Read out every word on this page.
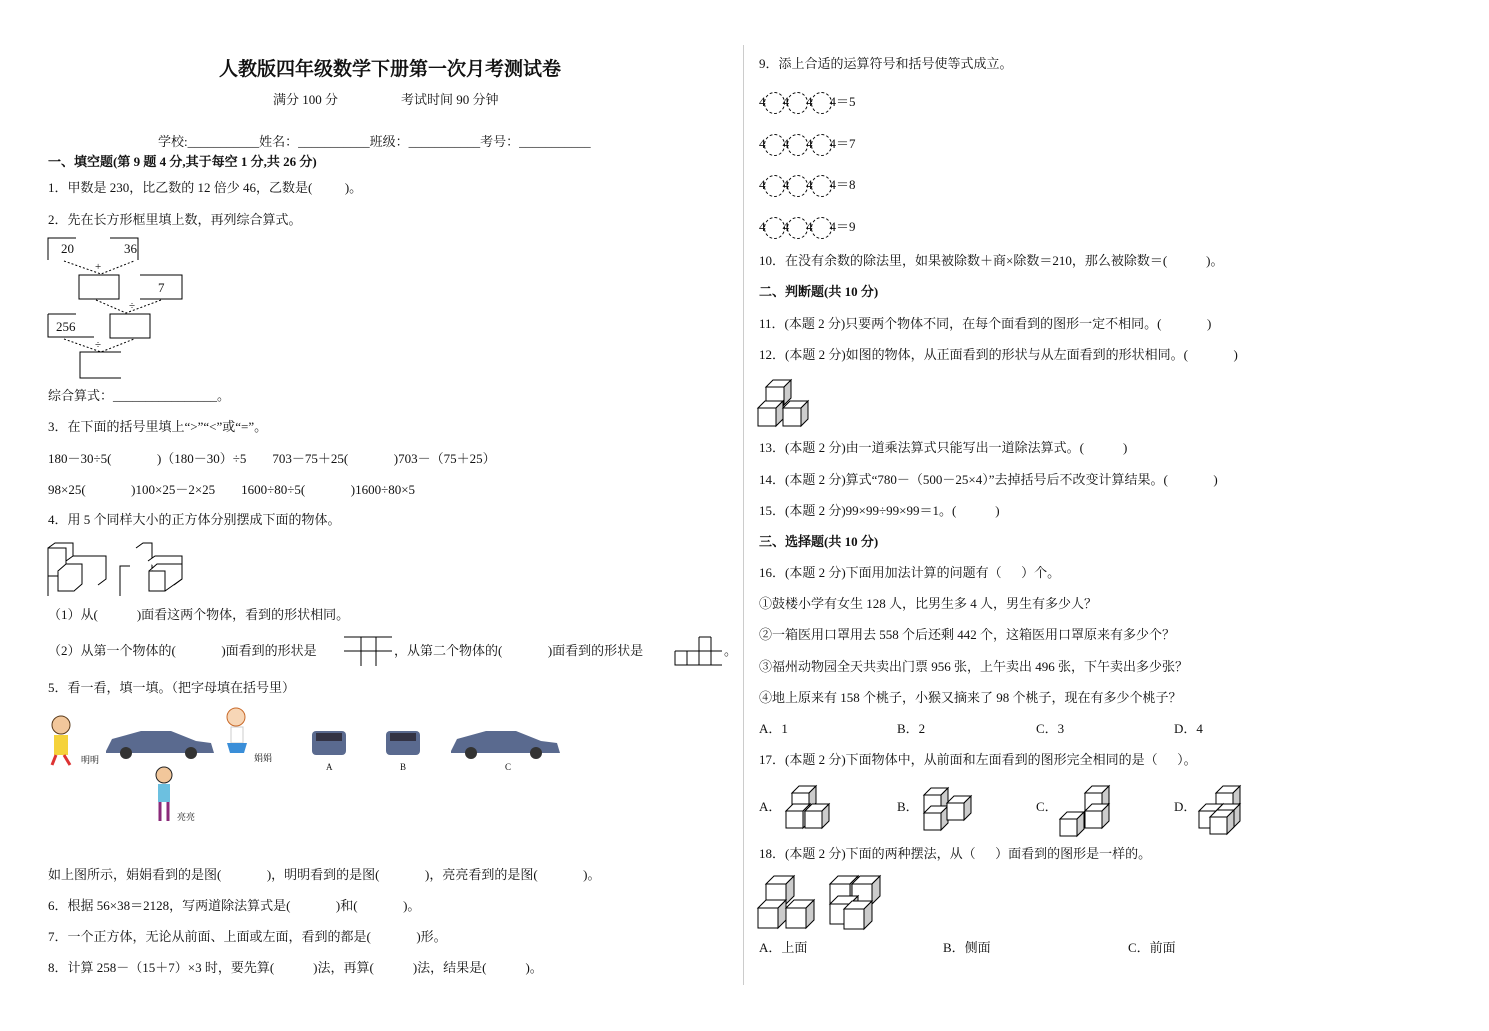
人教版四年级数学下册第一次月考测试卷
满分 100 分	考试时间 90 分钟
学校:___________姓名：___________班级：___________考号：___________
一、填空题(第 9 题 4 分,其于每空 1 分,共 26 分)
1．甲数是 230，比乙数的 12 倍少 46，乙数是(          )。
2．先在长方形框里填上数，再列综合算式。
20	36
7
256
+
÷
÷
综合算式：________________。
3．在下面的括号里填上“>”“<”或“=”。
180－30÷5(              )（180－30）÷5        703－75＋25(              )703－（75＋25）
98×25(              )100×25－2×25        1600÷80÷5(              )1600÷80×5
4．用 5 个同样大小的正方体分别摆成下面的物体。
（1）从(            )面看这两个物体，看到的形状相同。
（2）从第一个物体的(              )面看到的形状是	，从第二个物体的(              )面看到的形状是	。
5．看一看，填一填。（把字母填在括号里）
明明	娟娟
亮亮
A	B	C
如上图所示，娟娟看到的是图(              )，明明看到的是图(              )，亮亮看到的是图(              )。
6．根据 56×38＝2128，写两道除法算式是(              )和(              )。
7．一个正方体，无论从前面、上面或左面，看到的都是(              )形。
8．计算 258－（15＋7）×3 时，要先算(            )法，再算(            )法，结果是(            )。
9．添上合适的运算符号和括号使等式成立。
4 4 4 4＝5
4 4 4 4＝7
4 4 4 4＝8
4 4 4 4＝9
10．在没有余数的除法里，如果被除数＋商×除数＝210，那么被除数＝(            )。
二、判断题(共 10 分)
11．(本题 2 分)只要两个物体不同，在每个面看到的图形一定不相同。(              )
12．(本题 2 分)如图的物体，从正面看到的形状与从左面看到的形状相同。(              )
13．(本题 2 分)由一道乘法算式只能写出一道除法算式。(            )
14．(本题 2 分)算式“780－（500－25×4）”去掉括号后不改变计算结果。(              )
15．(本题 2 分)99×99÷99×99＝1。(            )
三、选择题(共 10 分)
16．(本题 2 分)下面用加法计算的问题有（      ）个。
①鼓楼小学有女生 128 人，比男生多 4 人，男生有多少人？
②一箱医用口罩用去 558 个后还剩 442 个，这箱医用口罩原来有多少个？
③福州动物园全天共卖出门票 956 张，上午卖出 496 张，下午卖出多少张？
④地上原来有 158 个桃子，小猴又摘来了 98 个桃子，现在有多少个桃子？
A．1	B．2	C．3	D．4
17．(本题 2 分)下面物体中，从前面和左面看到的图形完全相同的是（      ）。
A．	B．	C．	D．
18．(本题 2 分)下面的两种摆法，从（      ）面看到的图形是一样的。
A．上面	B．侧面	C．前面
